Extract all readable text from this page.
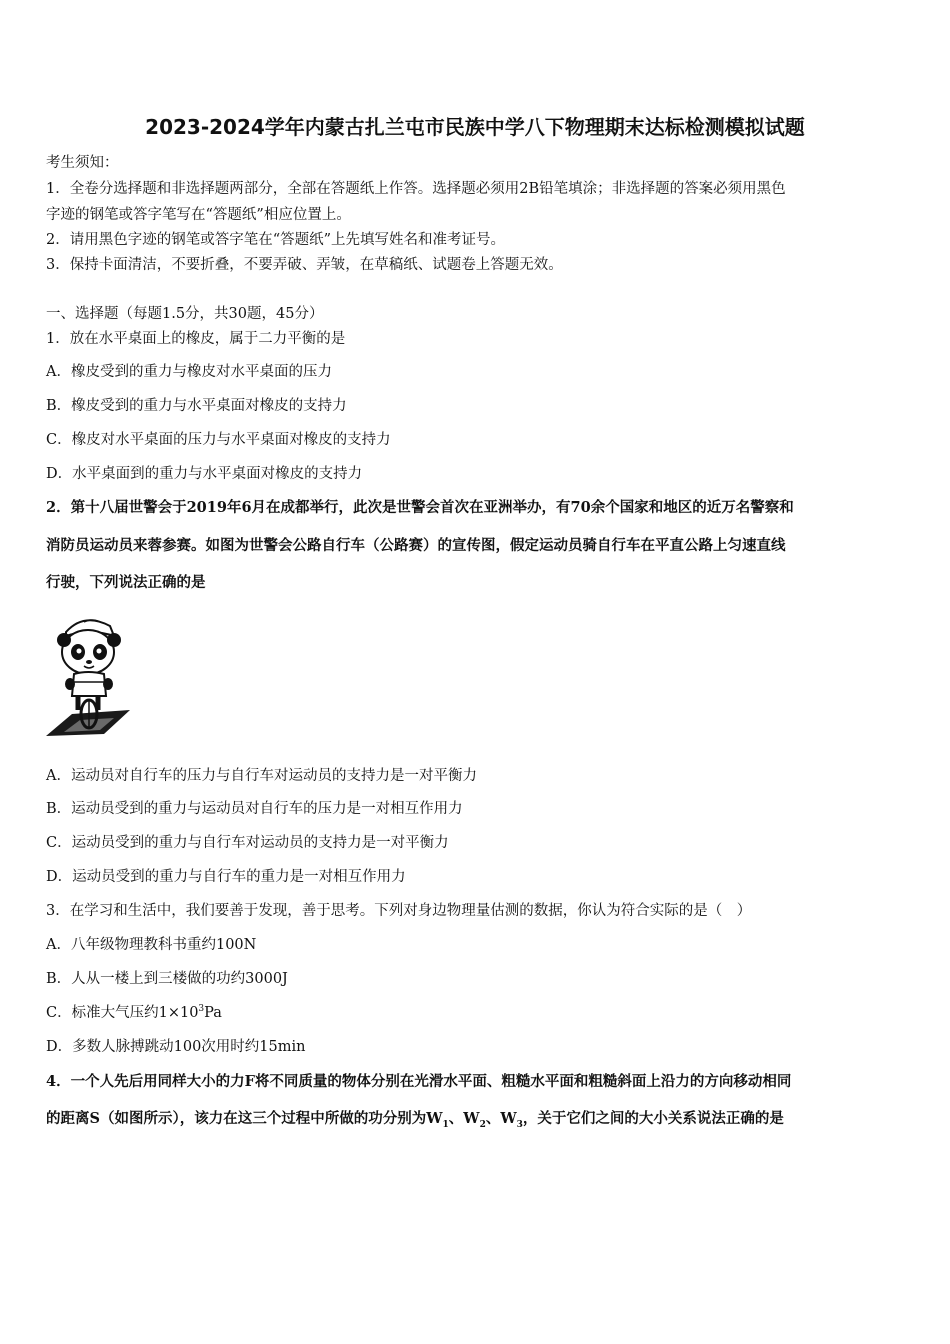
2023-2024学年内蒙古扎兰屯市民族中学八下物理期末达标检测模拟试题
考生须知：
1．全卷分选择题和非选择题两部分，全部在答题纸上作答。选择题必须用2B铅笔填涂；非选择题的答案必须用黑色
字迹的钢笔或答字笔写在“答题纸”相应位置上。
2．请用黑色字迹的钢笔或答字笔在“答题纸”上先填写姓名和准考证号。
3．保持卡面清洁，不要折叠，不要弄破、弄皱，在草稿纸、试题卷上答题无效。
一、选择题（每题1.5分，共30题，45分）
1．放在水平桌面上的橡皮，属于二力平衡的是
A．橡皮受到的重力与橡皮对水平桌面的压力
B．橡皮受到的重力与水平桌面对橡皮的支持力
C．橡皮对水平桌面的压力与水平桌面对橡皮的支持力
D．水平桌面到的重力与水平桌面对橡皮的支持力
2．第十八届世警会于2019年6月在成都举行，此次是世警会首次在亚洲举办，有70余个国家和地区的近万名警察和
消防员运动员来蓉参赛。如图为世警会公路自行车（公路赛）的宣传图，假定运动员骑自行车在平直公路上匀速直线
行驶，下列说法正确的是
A．运动员对自行车的压力与自行车对运动员的支持力是一对平衡力
B．运动员受到的重力与运动员对自行车的压力是一对相互作用力
C．运动员受到的重力与自行车对运动员的支持力是一对平衡力
D．运动员受到的重力与自行车的重力是一对相互作用力
3．在学习和生活中，我们要善于发现，善于思考。下列对身边物理量估测的数据，你认为符合实际的是（　）
A．八年级物理教科书重约100N
B．人从一楼上到三楼做的功约3000J
C．标准大气压约$1\times 10^3Pa$
D．多数人脉搏跳动100次用时约15min
4．一个人先后用同样大小的力F将不同质量的物体分别在光滑水平面、粗糙水平面和粗糙斜面上沿力的方向移动相同
的距离S（如图所示），该力在这三个过程中所做的功分别为$W_1$、$W_2$、$W_3$，关于它们之间的大小关系说法正确的是
